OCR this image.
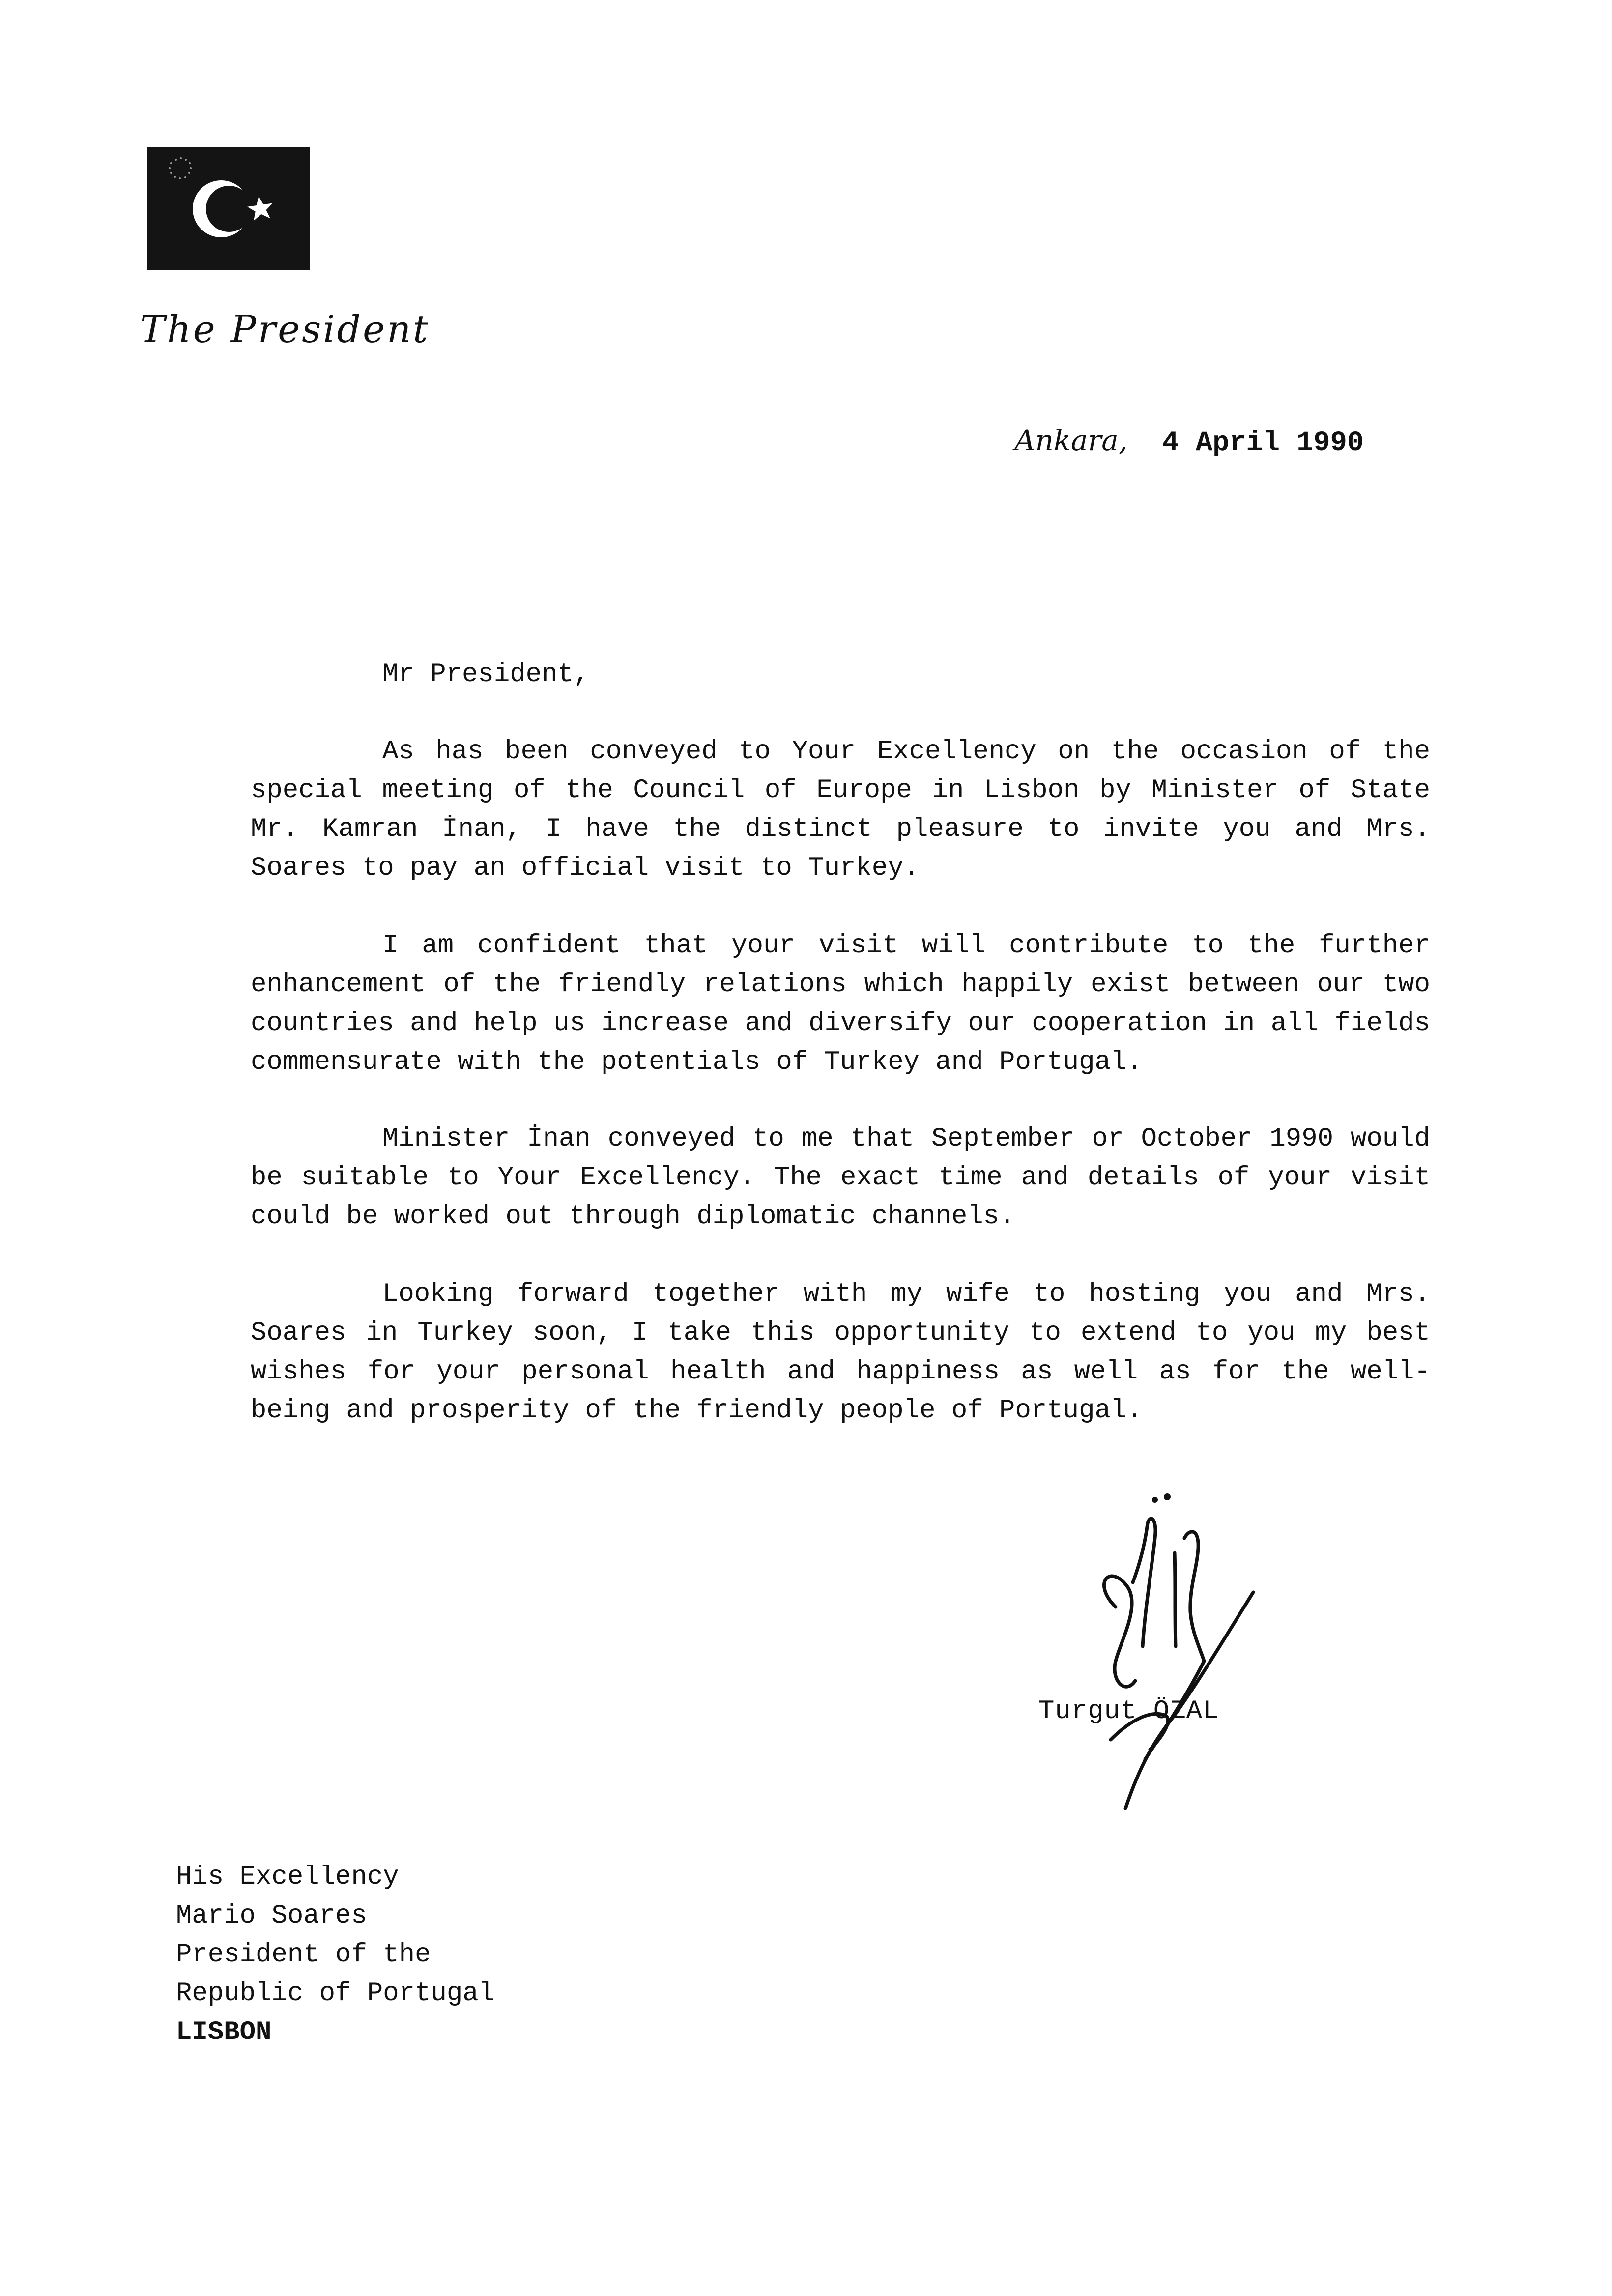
The President
Ankara, 4 April 1990
Mr President,

As has been conveyed to Your Excellency on the occasion of the special meeting of the Council of Europe in Lisbon by Minister of State Mr. Kamran İnan, I have the distinct pleasure to invite you and Mrs. Soares to pay an official visit to Turkey.

I am confident that your visit will contribute to the further enhancement of the friendly relations which happily exist between our two countries and help us increase and diversify our cooperation in all fields commensurate with the potentials of Turkey and Portugal.

Minister İnan conveyed to me that September or October 1990 would be suitable to Your Excellency. The exact time and details of your visit could be worked out through diplomatic channels.

Looking forward together with my wife to hosting you and Mrs. Soares in Turkey soon, I take this opportunity to extend to you my best wishes for your personal health and happiness as well as for the well-being and prosperity of the friendly people of Portugal.

Turgut ÖZAL
His Excellency
Mario Soares
President of the
Republic of Portugal
LISBON
